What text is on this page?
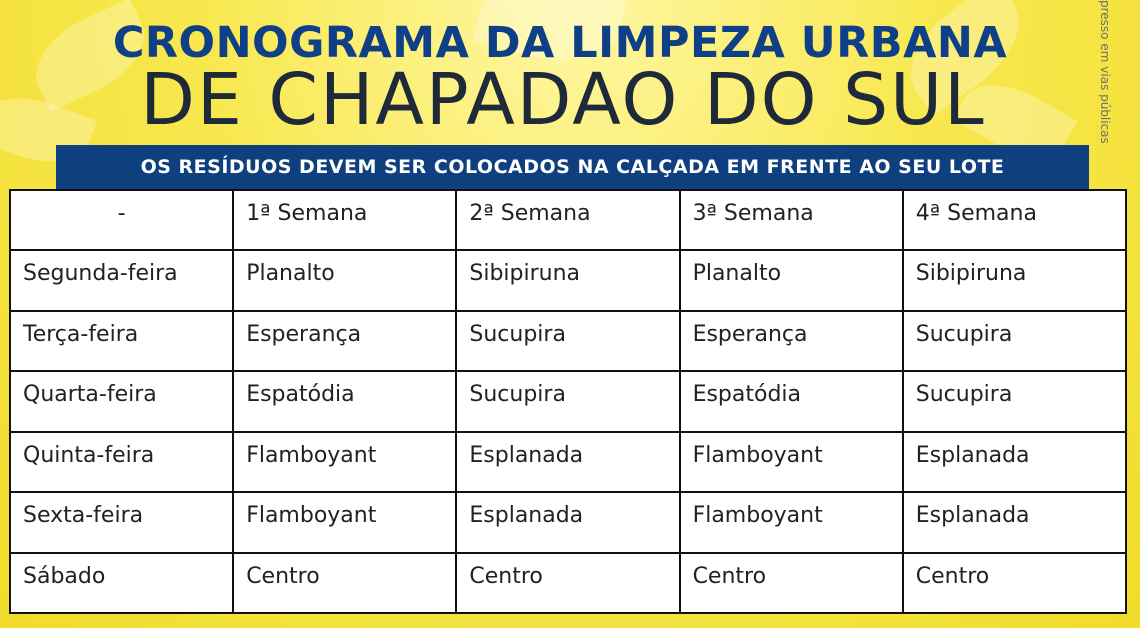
CRONOGRAMA DA LIMPEZA URBANA
DE CHAPADAO DO SUL	presso em vias públicas
OS RESÍDUOS DEVEM SER COLOCADOS NA CALÇADA EM FRENTE AO SEU LOTE
-	1ª Semana	2ª Semana	3ª Semana	4ª Semana
Segunda-feira	Planalto	Sibipiruna	Planalto	Sibipiruna
Terça-feira	Esperança	Sucupira	Esperança	Sucupira
Quarta-feira	Espatódia	Sucupira	Espatódia	Sucupira
Quinta-feira	Flamboyant	Esplanada	Flamboyant	Esplanada
Sexta-feira	Flamboyant	Esplanada	Flamboyant	Esplanada
Sábado	Centro	Centro	Centro	Centro
